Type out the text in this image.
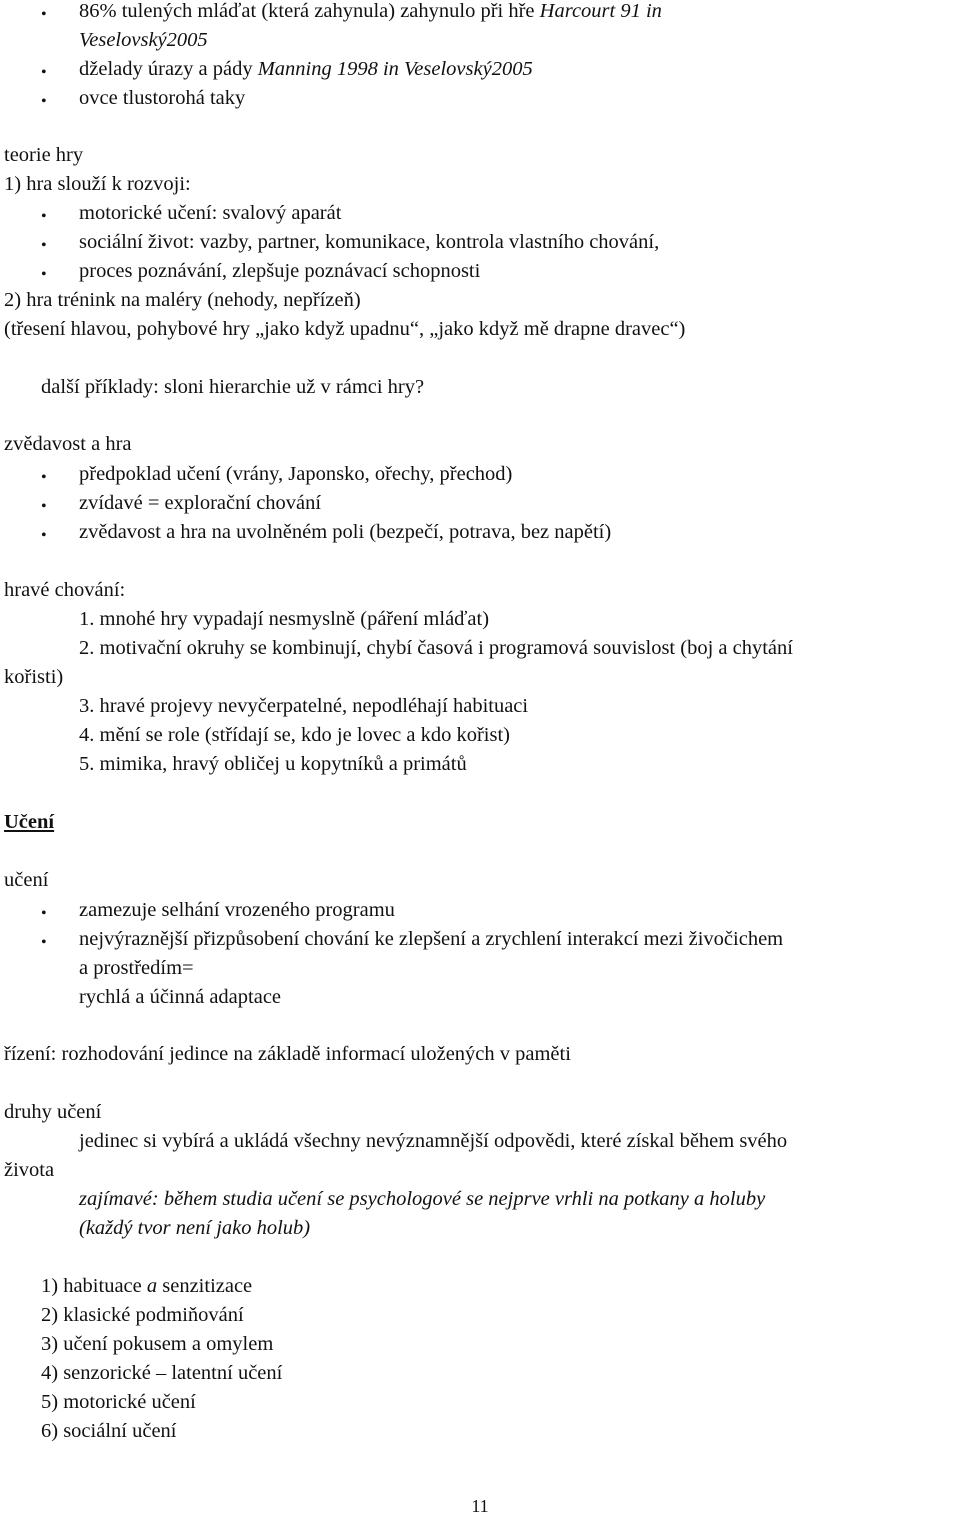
• 86% tulených mláďat (která zahynula) zahynulo při hře Harcourt 91 in
Veselovský2005
• dželady úrazy a pády Manning 1998 in Veselovský2005
• ovce tlustorohá taky
teorie hry
1) hra slouží k rozvoji:
• motorické učení: svalový aparát
• sociální život: vazby, partner, komunikace, kontrola vlastního chování,
• proces poznávání, zlepšuje poznávací schopnosti
2) hra trénink na maléry (nehody, nepřízeň)
(třesení hlavou, pohybové hry „jako když upadnu“, „jako když mě drapne dravec“)
další příklady: sloni hierarchie už v rámci hry?
zvědavost a hra
• předpoklad učení (vrány, Japonsko, ořechy, přechod)
• zvídavé = explorační chování
• zvědavost a hra na uvolněném poli (bezpečí, potrava, bez napětí)
hravé chování:
1. mnohé hry vypadají nesmyslně (páření mláďat)
2. motivační okruhy se kombinují, chybí časová i programová souvislost (boj a chytání
kořisti)
3. hravé projevy nevyčerpatelné, nepodléhají habituaci
4. mění se role (střídají se, kdo je lovec a kdo kořist)
5. mimika, hravý obličej u kopytníků a primátů
Učení
učení
• zamezuje selhání vrozeného programu
• nejvýraznější přizpůsobení chování ke zlepšení a zrychlení interakcí mezi živočichem
a prostředím=
rychlá a účinná adaptace
řízení: rozhodování jedince na základě informací uložených v paměti
druhy učení
jedinec si vybírá a ukládá všechny nevýznamnější odpovědi, které získal během svého
života
zajímavé: během studia učení se psychologové se nejprve vrhli na potkany a holuby
(každý tvor není jako holub)
1) habituace a senzitizace
2) klasické podmiňování
3) učení pokusem a omylem
4) senzorické – latentní učení
5) motorické učení
6) sociální učení
11
